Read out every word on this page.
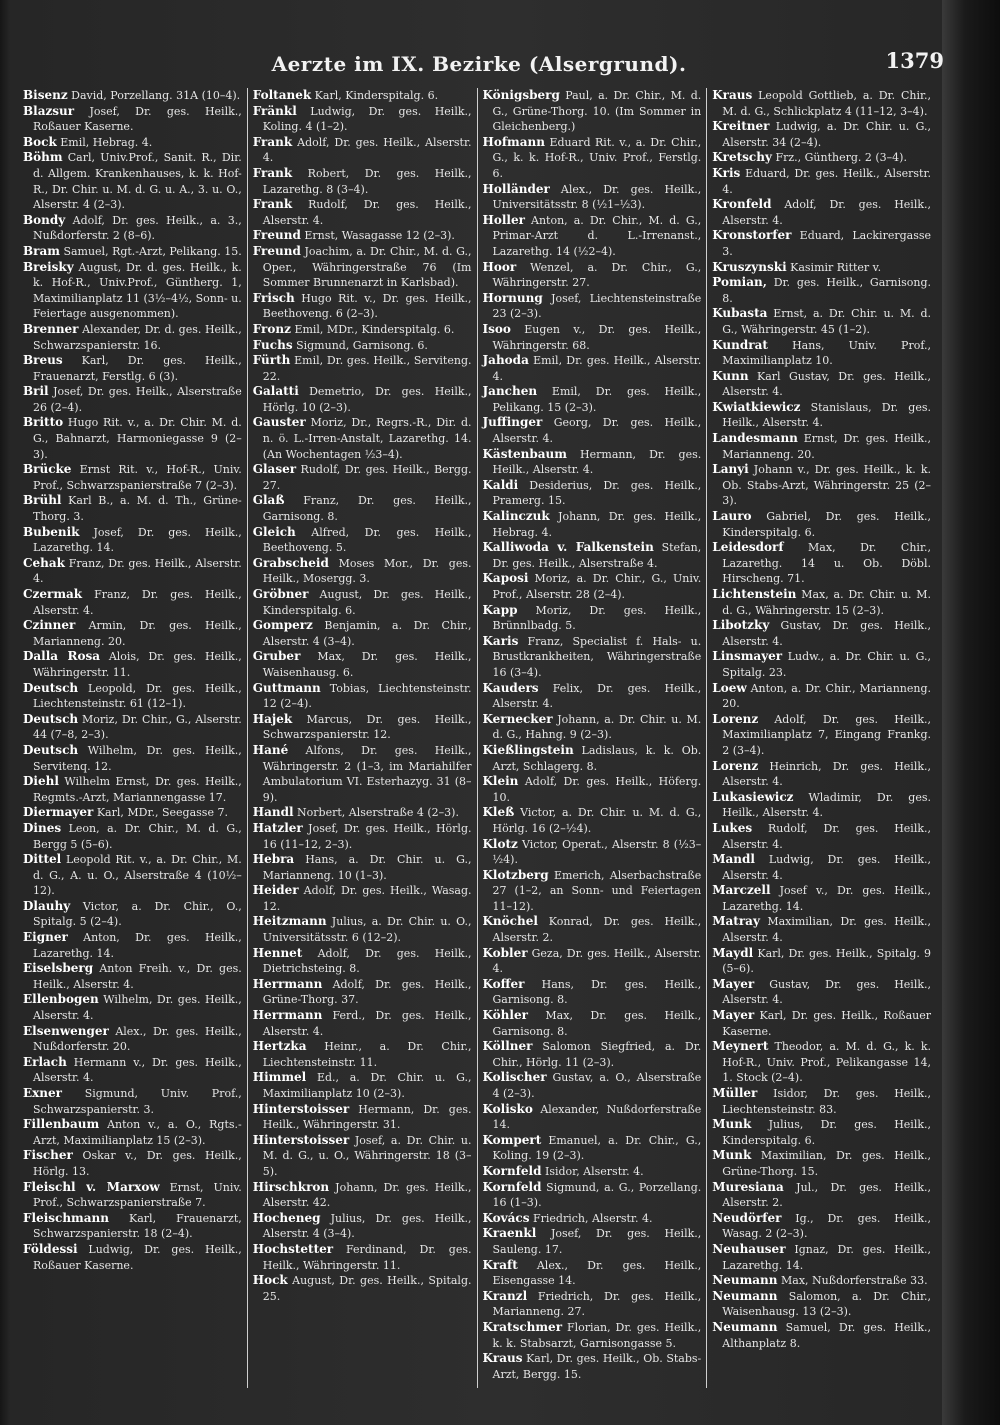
Aerzte im IX. Bezirke (Alsergrund).	1379

Bisenz David, Porzellang. 31A (10–4).

Blazsur Josef, Dr. ges. Heilk., Roßauer Kaserne.

Bock Emil, Hebrag. 4.

Böhm Carl, Univ.Prof., Sanit. R., Dir. d. Allgem. Krankenhauses, k. k. Hof-R., Dr. Chir. u. M. d. G. u. A., 3. u. O., Alserstr. 4 (2–3).

Bondy Adolf, Dr. ges. Heilk., a. 3., Nußdorferstr. 2 (8–6).

Bram Samuel, Rgt.-Arzt, Pelikang. 15.

Breisky August, Dr. d. ges. Heilk., k. k. Hof-R., Univ.Prof., Güntherg. 1, Maximilianplatz 11 (3½–4½, Sonn- u. Feiertage ausgenommen).

Brenner Alexander, Dr. d. ges. Heilk., Schwarzspanierstr. 16.

Breus Karl, Dr. ges. Heilk., Frauenarzt, Ferstlg. 6 (3).

Bril Josef, Dr. ges. Heilk., Alserstraße 26 (2–4).

Britto Hugo Rit. v., a. Dr. Chir. M. d. G., Bahnarzt, Harmoniegasse 9 (2–3).

Brücke Ernst Rit. v., Hof-R., Univ. Prof., Schwarzspanierstraße 7 (2–3).

Brühl Karl B., a. M. d. Th., Grüne-Thorg. 3.

Bubenik Josef, Dr. ges. Heilk., Lazarethg. 14.

Cehak Franz, Dr. ges. Heilk., Alserstr. 4.

Czermak Franz, Dr. ges. Heilk., Alserstr. 4.

Czinner Armin, Dr. ges. Heilk., Marianneng. 20.

Dalla Rosa Alois, Dr. ges. Heilk., Währingerstr. 11.

Deutsch Leopold, Dr. ges. Heilk., Liechtensteinstr. 61 (12–1).

Deutsch Moriz, Dr. Chir., G., Alserstr. 44 (7–8, 2–3).

Deutsch Wilhelm, Dr. ges. Heilk., Servitenq. 12.

Diehl Wilhelm Ernst, Dr. ges. Heilk., Regmts.-Arzt, Mariannengasse 17.

Diermayer Karl, MDr., Seegasse 7.

Dines Leon, a. Dr. Chir., M. d. G., Bergg 5 (5–6).

Dittel Leopold Rit. v., a. Dr. Chir., M. d. G., A. u. O., Alserstraße 4 (10½–12).

Dlauhy Victor, a. Dr. Chir., O., Spitalg. 5 (2–4).

Eigner Anton, Dr. ges. Heilk., Lazarethg. 14.

Eiselsberg Anton Freih. v., Dr. ges. Heilk., Alserstr. 4.

Ellenbogen Wilhelm, Dr. ges. Heilk., Alserstr. 4.

Elsenwenger Alex., Dr. ges. Heilk., Nußdorferstr. 20.

Erlach Hermann v., Dr. ges. Heilk., Alserstr. 4.

Exner Sigmund, Univ. Prof., Schwarzspanierstr. 3.

Fillenbaum Anton v., a. O., Rgts.-Arzt, Maximilianplatz 15 (2–3).

Fischer Oskar v., Dr. ges. Heilk., Hörlg. 13.

Fleischl v. Marxow Ernst, Univ. Prof., Schwarzspanierstraße 7.

Fleischmann Karl, Frauenarzt, Schwarzspanierstr. 18 (2–4).

Földessi Ludwig, Dr. ges. Heilk., Roßauer Kaserne.

Foltanek Karl, Kinderspitalg. 6.

Fränkl Ludwig, Dr. ges. Heilk., Koling. 4 (1–2).

Frank Adolf, Dr. ges. Heilk., Alserstr. 4.

Frank Robert, Dr. ges. Heilk., Lazarethg. 8 (3–4).

Frank Rudolf, Dr. ges. Heilk., Alserstr. 4.

Freund Ernst, Wasagasse 12 (2–3).

Freund Joachim, a. Dr. Chir., M. d. G., Oper., Währingerstraße 76 (Im Sommer Brunnenarzt in Karlsbad).

Frisch Hugo Rit. v., Dr. ges. Heilk., Beethoveng. 6 (2–3).

Fronz Emil, MDr., Kinderspitalg. 6.

Fuchs Sigmund, Garnisong. 6.

Fürth Emil, Dr. ges. Heilk., Serviteng. 22.

Galatti Demetrio, Dr. ges. Heilk., Hörlg. 10 (2–3).

Gauster Moriz, Dr., Regrs.-R., Dir. d. n. ö. L.-Irren-Anstalt, Lazarethg. 14. (An Wochentagen ½3–4).

Glaser Rudolf, Dr. ges. Heilk., Bergg. 27.

Glaß Franz, Dr. ges. Heilk., Garnisong. 8.

Gleich Alfred, Dr. ges. Heilk., Beethoveng. 5.

Grabscheid Moses Mor., Dr. ges. Heilk., Mosergg. 3.

Gröbner August, Dr. ges. Heilk., Kinderspitalg. 6.

Gomperz Benjamin, a. Dr. Chir., Alserstr. 4 (3–4).

Gruber Max, Dr. ges. Heilk., Waisenhausg. 6.

Guttmann Tobias, Liechtensteinstr. 12 (2–4).

Hajek Marcus, Dr. ges. Heilk., Schwarzspanierstr. 12.

Hané Alfons, Dr. ges. Heilk., Währingerstr. 2 (1–3, im Mariahilfer Ambulatorium VI. Esterhazyg. 31 (8–9).

Handl Norbert, Alserstraße 4 (2–3).

Hatzler Josef, Dr. ges. Heilk., Hörlg. 16 (11–12, 2–3).

Hebra Hans, a. Dr. Chir. u. G., Marianneng. 10 (1–3).

Heider Adolf, Dr. ges. Heilk., Wasag. 12.

Heitzmann Julius, a. Dr. Chir. u. O., Universitätsstr. 6 (12–2).

Hennet Adolf, Dr. ges. Heilk., Dietrichsteing. 8.

Herrmann Adolf, Dr. ges. Heilk., Grüne-Thorg. 37.

Herrmann Ferd., Dr. ges. Heilk., Alserstr. 4.

Hertzka Heinr., a. Dr. Chir., Liechtensteinstr. 11.

Himmel Ed., a. Dr. Chir. u. G., Maximilianplatz 10 (2–3).

Hinterstoisser Hermann, Dr. ges. Heilk., Währingerstr. 31.

Hinterstoisser Josef, a. Dr. Chir. u. M. d. G., u. O., Währingerstr. 18 (3–5).

Hirschkron Johann, Dr. ges. Heilk., Alserstr. 42.

Hocheneg Julius, Dr. ges. Heilk., Alserstr. 4 (3–4).

Hochstetter Ferdinand, Dr. ges. Heilk., Währingerstr. 11.

Hock August, Dr. ges. Heilk., Spitalg. 25.

Königsberg Paul, a. Dr. Chir., M. d. G., Grüne-Thorg. 10. (Im Sommer in Gleichenberg.)

Hofmann Eduard Rit. v., a. Dr. Chir., G., k. k. Hof-R., Univ. Prof., Ferstlg. 6.

Holländer Alex., Dr. ges. Heilk., Universitätsstr. 8 (½1–½3).

Holler Anton, a. Dr. Chir., M. d. G., Primar-Arzt d. L.-Irrenanst., Lazarethg. 14 (½2–4).

Hoor Wenzel, a. Dr. Chir., G., Währingerstr. 27.

Hornung Josef, Liechtensteinstraße 23 (2–3).

Isoo Eugen v., Dr. ges. Heilk., Währingerstr. 68.

Jahoda Emil, Dr. ges. Heilk., Alserstr. 4.

Janchen Emil, Dr. ges. Heilk., Pelikang. 15 (2–3).

Juffinger Georg, Dr. ges. Heilk., Alserstr. 4.

Kästenbaum Hermann, Dr. ges. Heilk., Alserstr. 4.

Kaldi Desiderius, Dr. ges. Heilk., Pramerg. 15.

Kalinczuk Johann, Dr. ges. Heilk., Hebrag. 4.

Kalliwoda v. Falkenstein Stefan, Dr. ges. Heilk., Alserstraße 4.

Kaposi Moriz, a. Dr. Chir., G., Univ. Prof., Alserstr. 28 (2–4).

Kapp Moriz, Dr. ges. Heilk., Brünnlbadg. 5.

Karis Franz, Specialist f. Hals- u. Brustkrankheiten, Währingerstraße 16 (3–4).

Kauders Felix, Dr. ges. Heilk., Alserstr. 4.

Kernecker Johann, a. Dr. Chir. u. M. d. G., Hahng. 9 (2–3).

Kießlingstein Ladislaus, k. k. Ob. Arzt, Schlagerg. 8.

Klein Adolf, Dr. ges. Heilk., Höferg. 10.

Kleß Victor, a. Dr. Chir. u. M. d. G., Hörlg. 16 (2–½4).

Klotz Victor, Operat., Alserstr. 8 (½3–½4).

Klotzberg Emerich, Alserbachstraße 27 (1–2, an Sonn- und Feiertagen 11–12).

Knöchel Konrad, Dr. ges. Heilk., Alserstr. 2.

Kobler Geza, Dr. ges. Heilk., Alserstr. 4.

Koffer Hans, Dr. ges. Heilk., Garnisong. 8.

Köhler Max, Dr. ges. Heilk., Garnisong. 8.

Köllner Salomon Siegfried, a. Dr. Chir., Hörlg. 11 (2–3).

Kolischer Gustav, a. O., Alserstraße 4 (2–3).

Kolisko Alexander, Nußdorferstraße 14.

Kompert Emanuel, a. Dr. Chir., G., Koling. 19 (2–3).

Kornfeld Isidor, Alserstr. 4.

Kornfeld Sigmund, a. G., Porzellang. 16 (1–3).

Kovács Friedrich, Alserstr. 4.

Kraenkl Josef, Dr. ges. Heilk., Sauleng. 17.

Kraft Alex., Dr. ges. Heilk., Eisengasse 14.

Kranzl Friedrich, Dr. ges. Heilk., Marianneng. 27.

Kratschmer Florian, Dr. ges. Heilk., k. k. Stabsarzt, Garnisongasse 5.

Kraus Karl, Dr. ges. Heilk., Ob. Stabs-Arzt, Bergg. 15.

Kraus Leopold Gottlieb, a. Dr. Chir., M. d. G., Schlickplatz 4 (11–12, 3–4).

Kreitner Ludwig, a. Dr. Chir. u. G., Alserstr. 34 (2–4).

Kretschy Frz., Güntherg. 2 (3–4).

Kris Eduard, Dr. ges. Heilk., Alserstr. 4.

Kronfeld Adolf, Dr. ges. Heilk., Alserstr. 4.

Kronstorfer Eduard, Lackirergasse 3.

Kruszynski Kasimir Ritter v.

Pomian, Dr. ges. Heilk., Garnisong. 8.

Kubasta Ernst, a. Dr. Chir. u. M. d. G., Währingerstr. 45 (1–2).

Kundrat Hans, Univ. Prof., Maximilianplatz 10.

Kunn Karl Gustav, Dr. ges. Heilk., Alserstr. 4.

Kwiatkiewicz Stanislaus, Dr. ges. Heilk., Alserstr. 4.

Landesmann Ernst, Dr. ges. Heilk., Marianneng. 20.

Lanyi Johann v., Dr. ges. Heilk., k. k. Ob. Stabs-Arzt, Währingerstr. 25 (2–3).

Lauro Gabriel, Dr. ges. Heilk., Kinderspitalg. 6.

Leidesdorf Max, Dr. Chir., Lazarethg. 14 u. Ob. Döbl. Hirscheng. 71.

Lichtenstein Max, a. Dr. Chir. u. M. d. G., Währingerstr. 15 (2–3).

Libotzky Gustav, Dr. ges. Heilk., Alserstr. 4.

Linsmayer Ludw., a. Dr. Chir. u. G., Spitalg. 23.

Loew Anton, a. Dr. Chir., Marianneng. 20.

Lorenz Adolf, Dr. ges. Heilk., Maximilianplatz 7, Eingang Frankg. 2 (3–4).

Lorenz Heinrich, Dr. ges. Heilk., Alserstr. 4.

Lukasiewicz Wladimir, Dr. ges. Heilk., Alserstr. 4.

Lukes Rudolf, Dr. ges. Heilk., Alserstr. 4.

Mandl Ludwig, Dr. ges. Heilk., Alserstr. 4.

Marczell Josef v., Dr. ges. Heilk., Lazarethg. 14.

Matray Maximilian, Dr. ges. Heilk., Alserstr. 4.

Maydl Karl, Dr. ges. Heilk., Spitalg. 9 (5–6).

Mayer Gustav, Dr. ges. Heilk., Alserstr. 4.

Mayer Karl, Dr. ges. Heilk., Roßauer Kaserne.

Meynert Theodor, a. M. d. G., k. k. Hof-R., Univ. Prof., Pelikangasse 14, 1. Stock (2–4).

Müller Isidor, Dr. ges. Heilk., Liechtensteinstr. 83.

Munk Julius, Dr. ges. Heilk., Kinderspitalg. 6.

Munk Maximilian, Dr. ges. Heilk., Grüne-Thorg. 15.

Muresiana Jul., Dr. ges. Heilk., Alserstr. 2.

Neudörfer Ig., Dr. ges. Heilk., Wasag. 2 (2–3).

Neuhauser Ignaz, Dr. ges. Heilk., Lazarethg. 14.

Neumann Max, Nußdorferstraße 33.

Neumann Salomon, a. Dr. Chir., Waisenhausg. 13 (2–3).

Neumann Samuel, Dr. ges. Heilk., Althanplatz 8.
